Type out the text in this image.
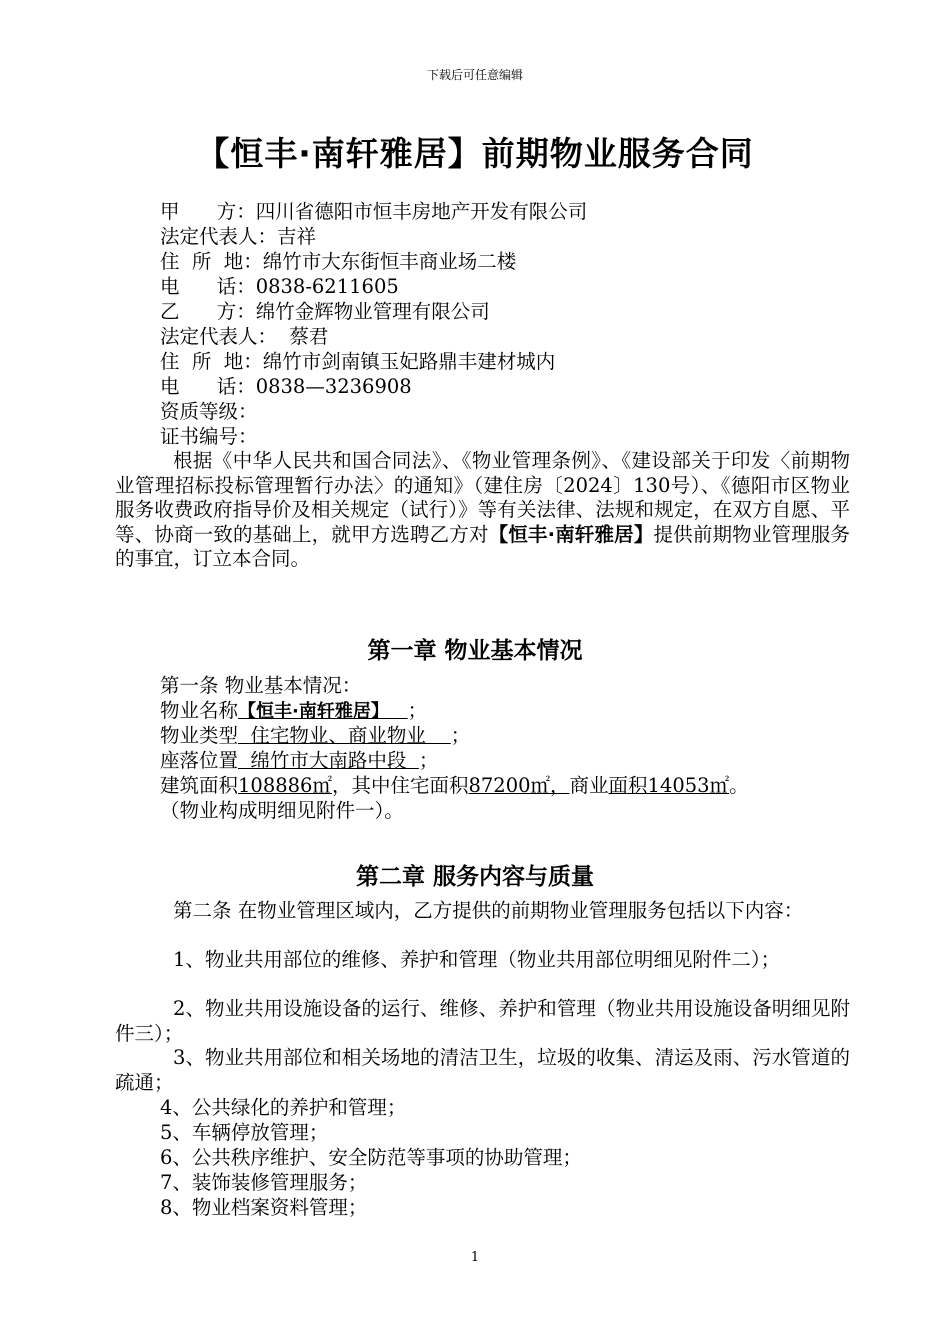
下载后可任意编辑
【恒丰·南轩雅居】前期物业服务合同
甲      方：四川省德阳市恒丰房地产开发有限公司
法定代表人：吉祥
住  所  地：绵竹市大东街恒丰商业场二楼
电      话：0838-6211605
乙      方：绵竹金辉物业管理有限公司
法定代表人：  蔡君
住  所  地：绵竹市剑南镇玉妃路鼎丰建材城内
电      话：0838—3236908
资质等级：
证书编号：
根据《中华人民共和国合同法》、《物业管理条例》、《建设部关于印发〈前期物业管理招标投标管理暂行办法〉的通知》（建住房〔2024〕130号）、《德阳市区物业服务收费政府指导价及相关规定（试行）》等有关法律、法规和规定，在双方自愿、平等、协商一致的基础上，就甲方选聘乙方对【恒丰·南轩雅居】提供前期物业管理服务的事宜，订立本合同。
第一章 物业基本情况
第一条 物业基本情况：
物业名称【恒丰·南轩雅居】   ；
物业类型  住宅物业、商业物业    ；
座落位置  绵竹市大南路中段  ；
建筑面积108886㎡，其中住宅面积87200㎡，商业面积14053㎡。
（物业构成明细见附件一）。
第二章 服务内容与质量
第二条 在物业管理区域内，乙方提供的前期物业管理服务包括以下内容：
1、物业共用部位的维修、养护和管理（物业共用部位明细见附件二）；
2、物业共用设施设备的运行、维修、养护和管理（物业共用设施设备明细见附件三）；
3、物业共用部位和相关场地的清洁卫生，垃圾的收集、清运及雨、污水管道的疏通；
4、公共绿化的养护和管理；
5、车辆停放管理；
6、公共秩序维护、安全防范等事项的协助管理；
7、装饰装修管理服务；
8、物业档案资料管理；
1
